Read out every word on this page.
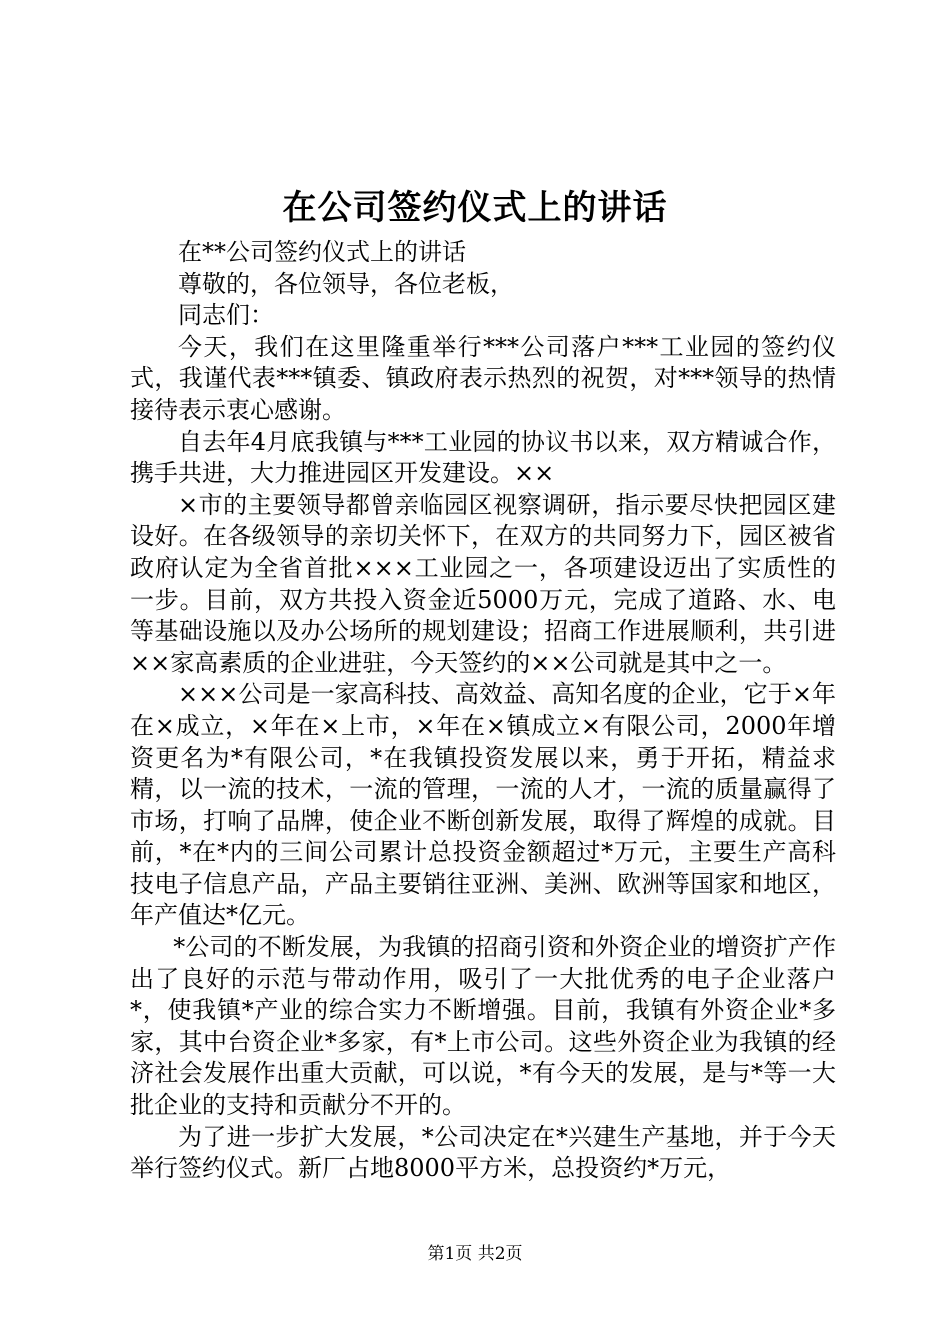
在公司签约仪式上的讲话

在**公司签约仪式上的讲话

尊敬的，各位领导，各位老板，

同志们：

今天，我们在这里隆重举行***公司落户***工业园的签约仪式，我谨代表***镇委、镇政府表示热烈的祝贺，对***领导的热情接待表示衷心感谢。

自去年4月底我镇与***工业园的协议书以来，双方精诚合作，携手共进，大力推进园区开发建设。××

×市的主要领导都曾亲临园区视察调研，指示要尽快把园区建设好。在各级领导的亲切关怀下，在双方的共同努力下，园区被省政府认定为全省首批×××工业园之一，各项建设迈出了实质性的一步。目前，双方共投入资金近5000万元，完成了道路、水、电等基础设施以及办公场所的规划建设；招商工作进展顺利，共引进××家高素质的企业进驻，今天签约的××公司就是其中之一。

×××公司是一家高科技、高效益、高知名度的企业，它于×年在×成立，×年在×上市，×年在×镇成立×有限公司，2000年增资更名为*有限公司，*在我镇投资发展以来，勇于开拓，精益求精，以一流的技术，一流的管理，一流的人才，一流的质量赢得了市场，打响了品牌，使企业不断创新发展，取得了辉煌的成就。目前，*在*内的三间公司累计总投资金额超过*万元，主要生产高科技电子信息产品，产品主要销往亚洲、美洲、欧洲等国家和地区，年产值达*亿元。

*公司的不断发展，为我镇的招商引资和外资企业的增资扩产作出了良好的示范与带动作用，吸引了一大批优秀的电子企业落户*，使我镇*产业的综合实力不断增强。目前，我镇有外资企业*多家，其中台资企业*多家，有*上市公司。这些外资企业为我镇的经济社会发展作出重大贡献，可以说，*有今天的发展，是与*等一大批企业的支持和贡献分不开的。

为了进一步扩大发展，*公司决定在*兴建生产基地，并于今天举行签约仪式。新厂占地8000平方米，总投资约*万元，

第1页 共2页
